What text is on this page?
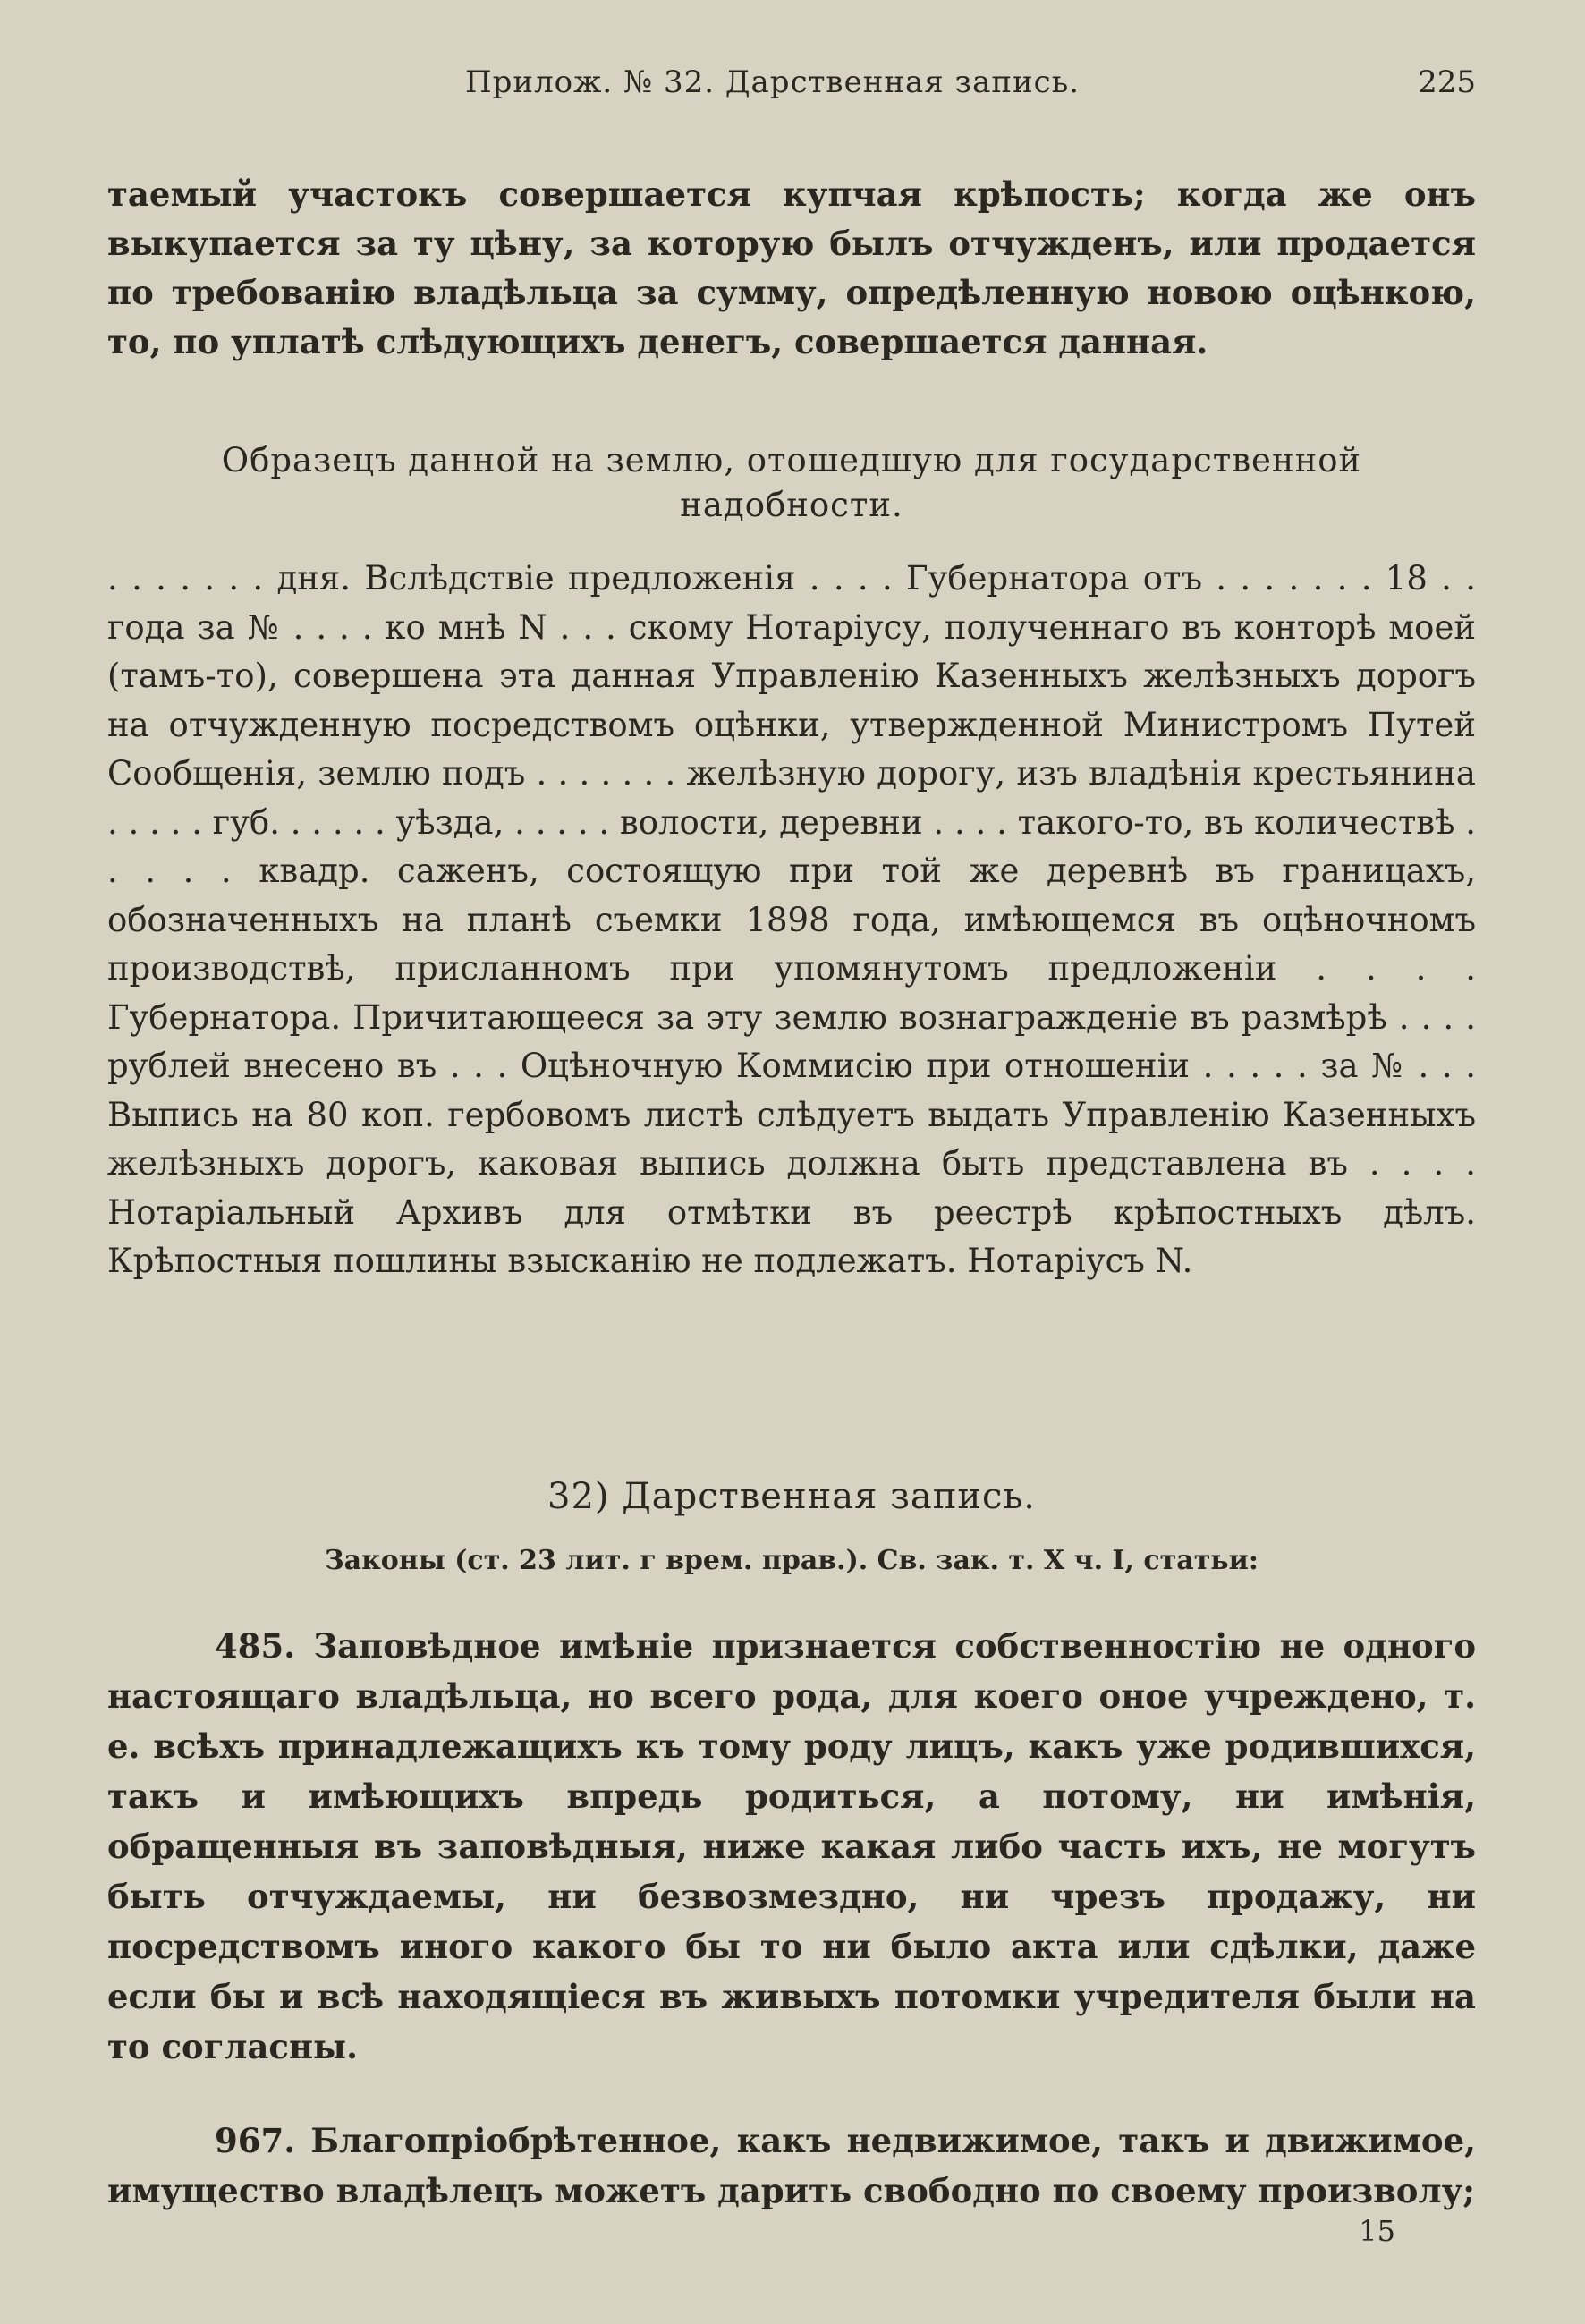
Прилож. № 32. Дарственная запись.	225

таемый участокъ совершается купчая крѣпость; когда же онъ выкупается за ту цѣну, за которую былъ отчужденъ, или продается по требованію владѣльца за сумму, опредѣленную новою оцѣнкою, то, по уплатѣ слѣдующихъ денегъ, совершается данная.

Образецъ данной на землю, отошедшую для государственной надобности.

. . . . . . . дня. Вслѣдствіе предложенія . . . . Губернатора отъ . . . . . . . 18 . . года за № . . . . ко мнѣ N . . . скому Нотаріусу, полученнаго въ конторѣ моей (тамъ-то), совершена эта данная Управленію Казенныхъ желѣзныхъ дорогъ на отчужденную посредствомъ оцѣнки, утвержденной Министромъ Путей Сообщенія, землю подъ . . . . . . . желѣзную дорогу, изъ владѣнія крестьянина . . . . . губ. . . . . . уѣзда, . . . . . волости, деревни . . . . такого-то, въ количествѣ . . . . . квадр. саженъ, состоящую при той же деревнѣ въ границахъ, обозначенныхъ на планѣ съемки 1898 года, имѣющемся въ оцѣночномъ производствѣ, присланномъ при упомянутомъ предложеніи . . . . Губернатора. Причитающееся за эту землю вознагражденіе въ размѣрѣ . . . . рублей внесено въ . . . Оцѣночную Коммисію при отношеніи . . . . . за № . . . Выпись на 80 коп. гербовомъ листѣ слѣдуетъ выдать Управленію Казенныхъ желѣзныхъ дорогъ, каковая выпись должна быть представлена въ . . . . Нотаріальный Архивъ для отмѣтки въ реестрѣ крѣпостныхъ дѣлъ. Крѣпостныя пошлины взысканію не подлежатъ. Нотаріусъ N.

32) Дарственная запись.
Законы (ст. 23 лит. г врем. прав.). Св. зак. т. X ч. I, статьи:

485. Заповѣдное имѣніе признается собственностію не одного настоящаго владѣльца, но всего рода, для коего оное учреждено, т. е. всѣхъ принадлежащихъ къ тому роду лицъ, какъ уже родившихся, такъ и имѣющихъ впредь родиться, а потому, ни имѣнія, обращенныя въ заповѣдныя, ниже какая либо часть ихъ, не могутъ быть отчуждаемы, ни безвозмездно, ни чрезъ продажу, ни посредствомъ иного какого бы то ни было акта или сдѣлки, даже если бы и всѣ находящіеся въ живыхъ потомки учредителя были на то согласны.

967. Благопріобрѣтенное, какъ недвижимое, такъ и движимое, имущество владѣлецъ можетъ дарить свободно по своему произволу;

15
